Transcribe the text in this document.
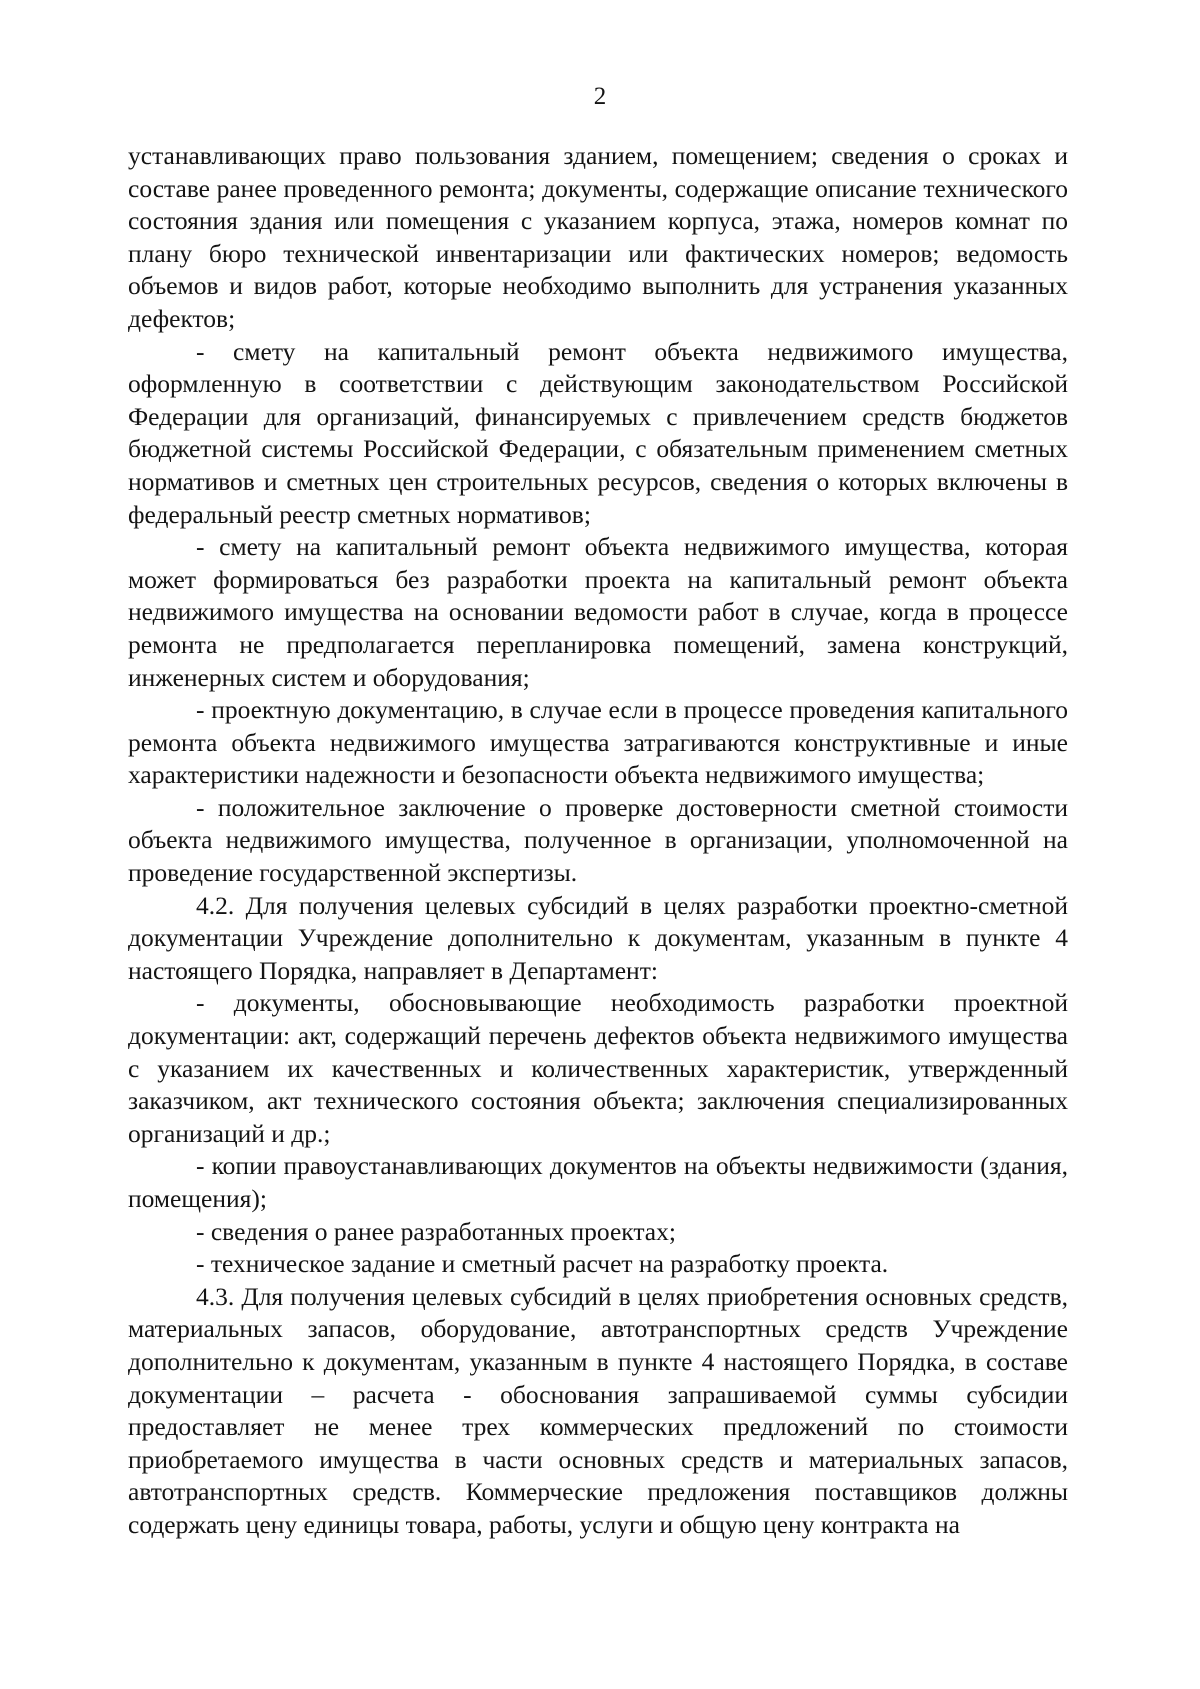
2

устанавливающих право пользования зданием, помещением; сведения о сроках и составе ранее проведенного ремонта; документы, содержащие описание технического состояния здания или помещения с указанием корпуса, этажа, номеров комнат по плану бюро технической инвентаризации или фактических номеров; ведомость объемов и видов работ, которые необходимо выполнить для устранения указанных дефектов;

- смету на капитальный ремонт объекта недвижимого имущества, оформленную в соответствии с действующим законодательством Российской Федерации для организаций, финансируемых с привлечением средств бюджетов бюджетной системы Российской Федерации, с обязательным применением сметных нормативов и сметных цен строительных ресурсов, сведения о которых включены в федеральный реестр сметных нормативов;

- смету на капитальный ремонт объекта недвижимого имущества, которая может формироваться без разработки проекта на капитальный ремонт объекта недвижимого имущества на основании ведомости работ в случае, когда в процессе ремонта не предполагается перепланировка помещений, замена конструкций, инженерных систем и оборудования;

- проектную документацию, в случае если в процессе проведения капитального ремонта объекта недвижимого имущества затрагиваются конструктивные и иные характеристики надежности и безопасности объекта недвижимого имущества;

- положительное заключение о проверке достоверности сметной стоимости объекта недвижимого имущества, полученное в организации, уполномоченной на проведение государственной экспертизы.

4.2. Для получения целевых субсидий в целях разработки проектно-сметной документации Учреждение дополнительно к документам, указанным в пункте 4 настоящего Порядка, направляет в Департамент:

- документы, обосновывающие необходимость разработки проектной документации: акт, содержащий перечень дефектов объекта недвижимого имущества с указанием их качественных и количественных характеристик, утвержденный заказчиком, акт технического состояния объекта; заключения специализированных организаций и др.;

- копии правоустанавливающих документов на объекты недвижимости (здания, помещения);

- сведения о ранее разработанных проектах;

- техническое задание и сметный расчет на разработку проекта.

4.3. Для получения целевых субсидий в целях приобретения основных средств, материальных запасов, оборудование, автотранспортных средств Учреждение дополнительно к документам, указанным в пункте 4 настоящего Порядка, в составе документации – расчета - обоснования запрашиваемой суммы субсидии предоставляет не менее трех коммерческих предложений по стоимости приобретаемого имущества в части основных средств и материальных запасов, автотранспортных средств. Коммерческие предложения поставщиков должны содержать цену единицы товара, работы, услуги и общую цену контракта на
